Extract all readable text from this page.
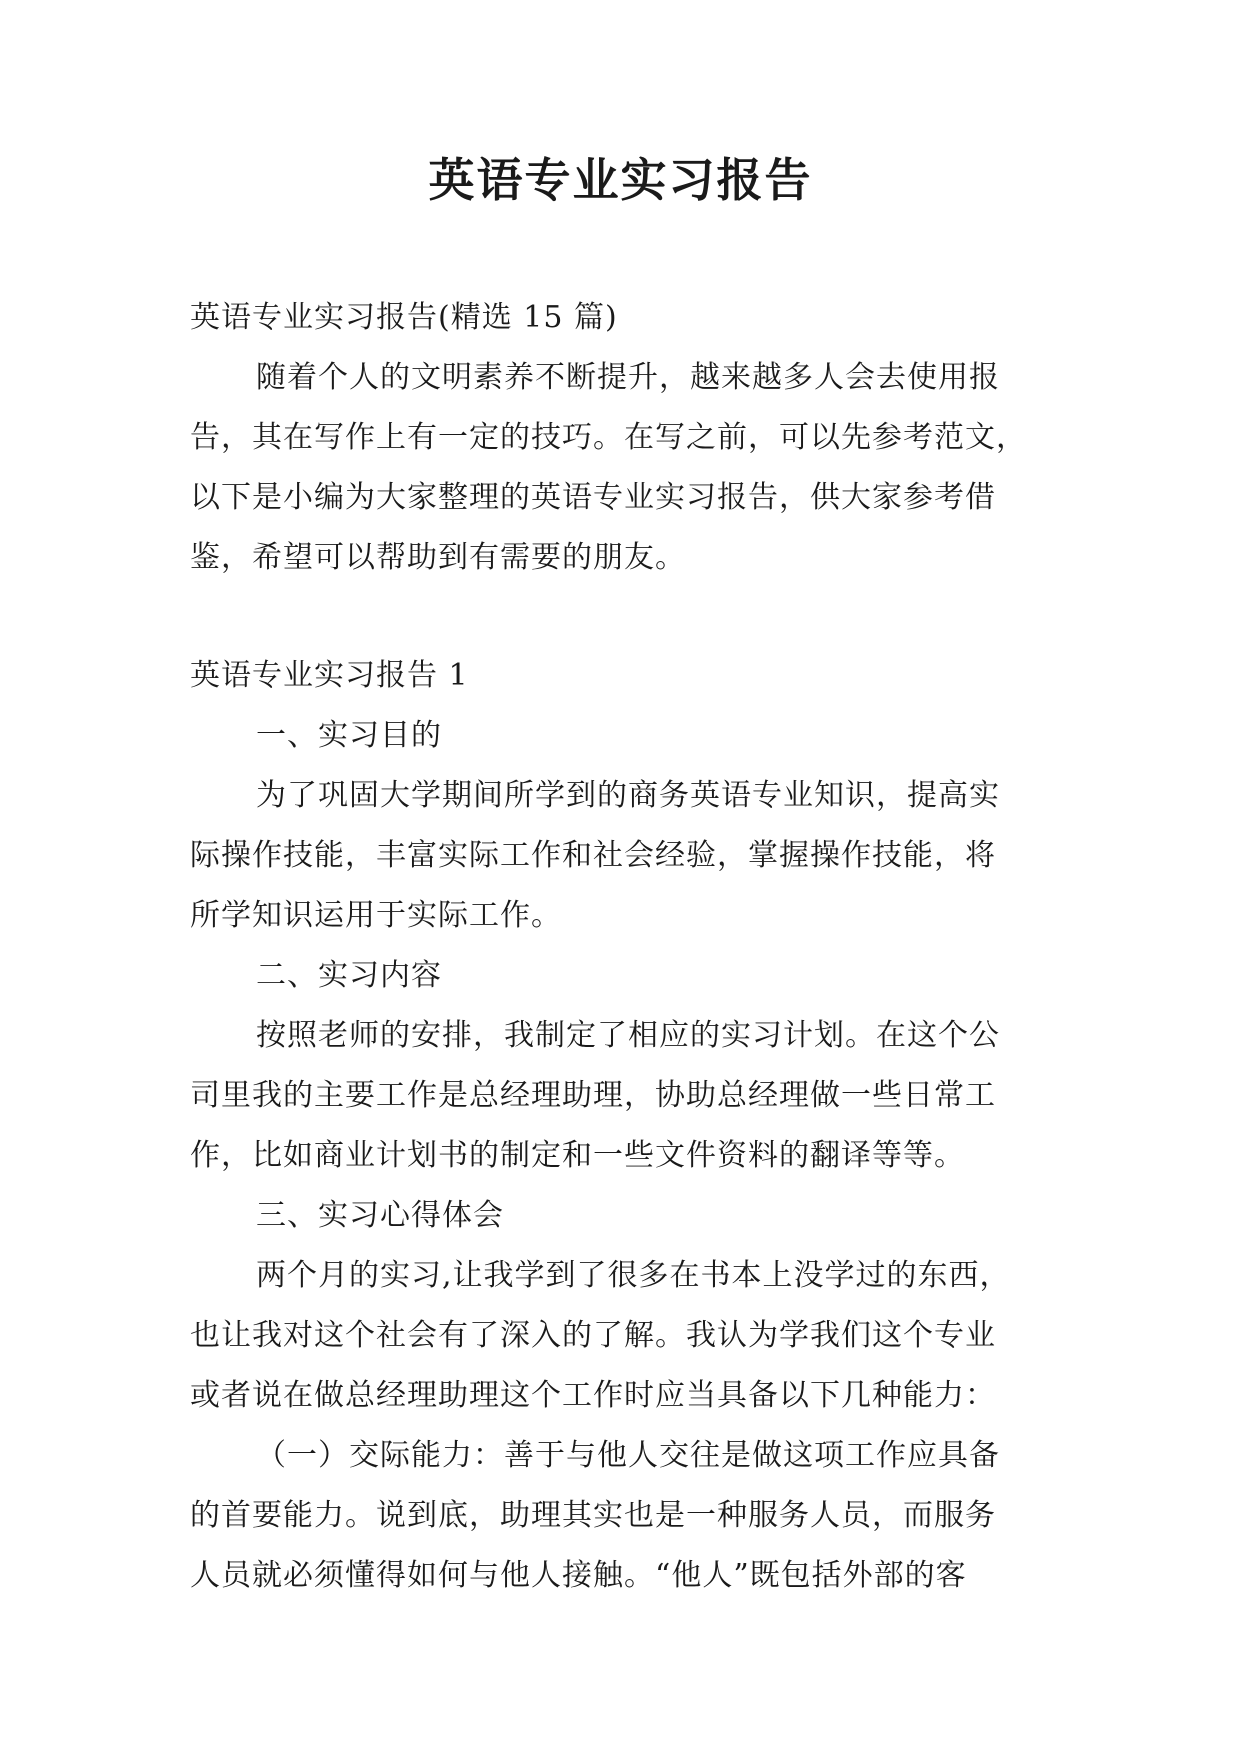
英语专业实习报告
英语专业实习报告(精选 15 篇)
随着个人的文明素养不断提升，越来越多人会去使用报
告，其在写作上有一定的技巧。在写之前，可以先参考范文，
以下是小编为大家整理的英语专业实习报告，供大家参考借
鉴，希望可以帮助到有需要的朋友。
英语专业实习报告 1
一、实习目的
为了巩固大学期间所学到的商务英语专业知识，提高实
际操作技能，丰富实际工作和社会经验，掌握操作技能，将
所学知识运用于实际工作。
二、实习内容
按照老师的安排，我制定了相应的实习计划。在这个公
司里我的主要工作是总经理助理，协助总经理做一些日常工
作，比如商业计划书的制定和一些文件资料的翻译等等。
三、实习心得体会
两个月的实习,让我学到了很多在书本上没学过的东西，
也让我对这个社会有了深入的了解。我认为学我们这个专业
或者说在做总经理助理这个工作时应当具备以下几种能力：
（一）交际能力：善于与他人交往是做这项工作应具备
的首要能力。说到底，助理其实也是一种服务人员，而服务
人员就必须懂得如何与他人接触。“他人”既包括外部的客
